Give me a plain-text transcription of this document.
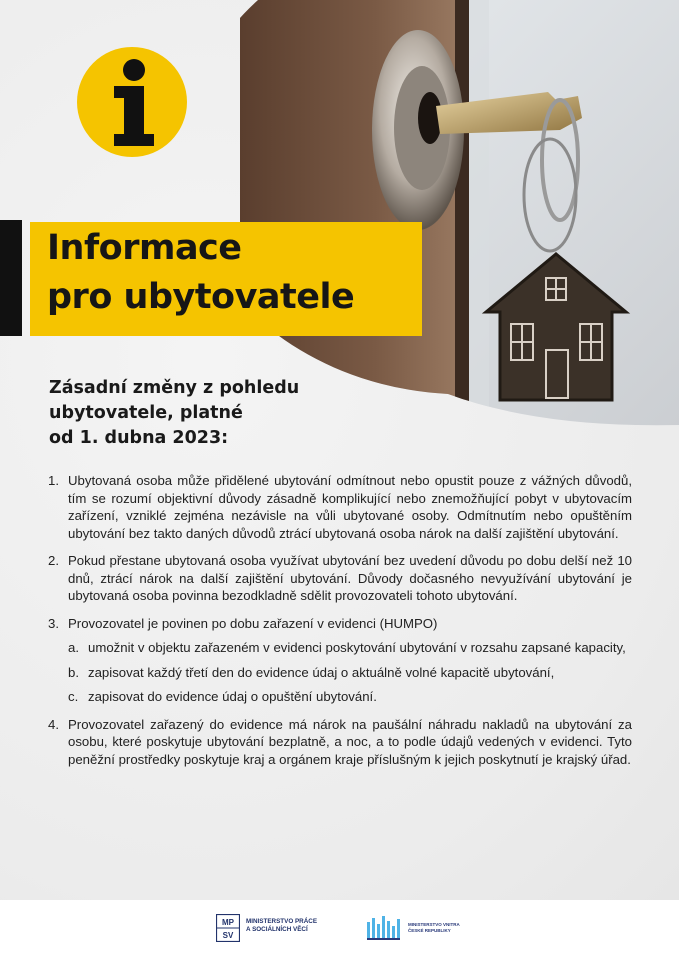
Informace
pro ubytovatele
Zásadní změny z pohledu
ubytovatele, platné
od 1. dubna 2023:
1. Ubytovaná osoba může přidělené ubytování odmítnout nebo opustit pouze z vážných důvodů, tím se rozumí objektivní důvody zásadně komplikující nebo znemožňující pobyt v ubytovacím zařízení, vzniklé zejména nezávisle na vůli ubytované osoby. Odmítnutím nebo opuštěním ubytování bez takto daných důvodů ztrácí ubytovaná osoba nárok na další zajištění ubytování.
2. Pokud přestane ubytovaná osoba využívat ubytování bez uvedení důvodu po dobu delší než 10 dnů, ztrácí nárok na další zajištění ubytování. Důvody dočasného nevyužívání ubytování je ubytovaná osoba povinna bezodkladně sdělit provozovateli tohoto ubytování.
3. Provozovatel je povinen po dobu zařazení v evidenci (HUMPO)
a. umožnit v objektu zařazeném v evidenci poskytování ubytování v rozsahu zapsané kapacity,
b. zapisovat každý třetí den do evidence údaj o aktuálně volné kapacitě ubytování,
c. zapisovat do evidence údaj o opuštění ubytování.
4. Provozovatel zařazený do evidence má nárok na paušální náhradu nakladů na ubytování za osobu, které poskytuje ubytování bezplatně, a noc, a to podle údajů vedených v evidenci. Tyto peněžní prostředky poskytuje kraj a orgánem kraje příslušným k jejich poskytnutí je krajský úřad.
MP
SV
MINISTERSTVO PRÁCE
A SOCIÁLNÍCH VĚCÍ
MINISTERSTVO VNITRA
ČESKÉ REPUBLIKY
